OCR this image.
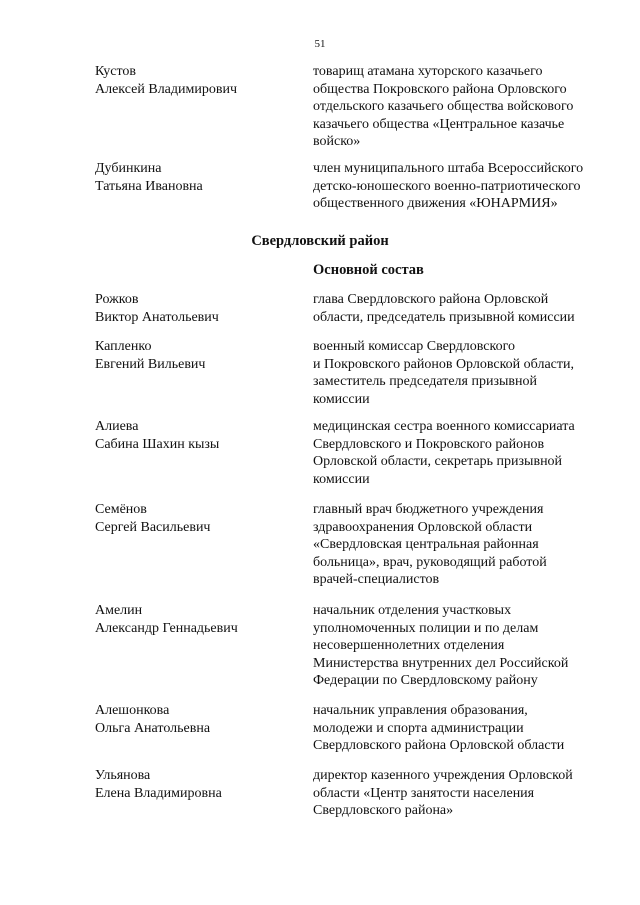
51
Кустов
Алексей Владимирович
товарищ атамана хуторского казачьего
общества Покровского района Орловского
отдельского казачьего общества войскового
казачьего общества «Центральное казачье
войско»
Дубинкина
Татьяна Ивановна
член муниципального штаба Всероссийского
детско-юношеского военно-патриотического
общественного движения «ЮНАРМИЯ»
Свердловский район
Основной состав
Рожков
Виктор Анатольевич
глава Свердловского района Орловской
области, председатель призывной комиссии
Капленко
Евгений Вильевич
военный комиссар Свердловского
и Покровского районов Орловской области,
заместитель председателя призывной
комиссии
Алиева
Сабина Шахин кызы
медицинская сестра военного комиссариата
Свердловского и Покровского районов
Орловской области, секретарь призывной
комиссии
Семёнов
Сергей Васильевич
главный врач бюджетного учреждения
здравоохранения Орловской области
«Свердловская центральная районная
больница», врач, руководящий работой
врачей-специалистов
Амелин
Александр Геннадьевич
начальник отделения участковых
уполномоченных полиции и по делам
несовершеннолетних отделения
Министерства внутренних дел Российской
Федерации по Свердловскому району
Алешонкова
Ольга Анатольевна
начальник управления образования,
молодежи и спорта администрации
Свердловского района Орловской области
Ульянова
Елена Владимировна
директор казенного учреждения Орловской
области «Центр занятости населения
Свердловского района»
